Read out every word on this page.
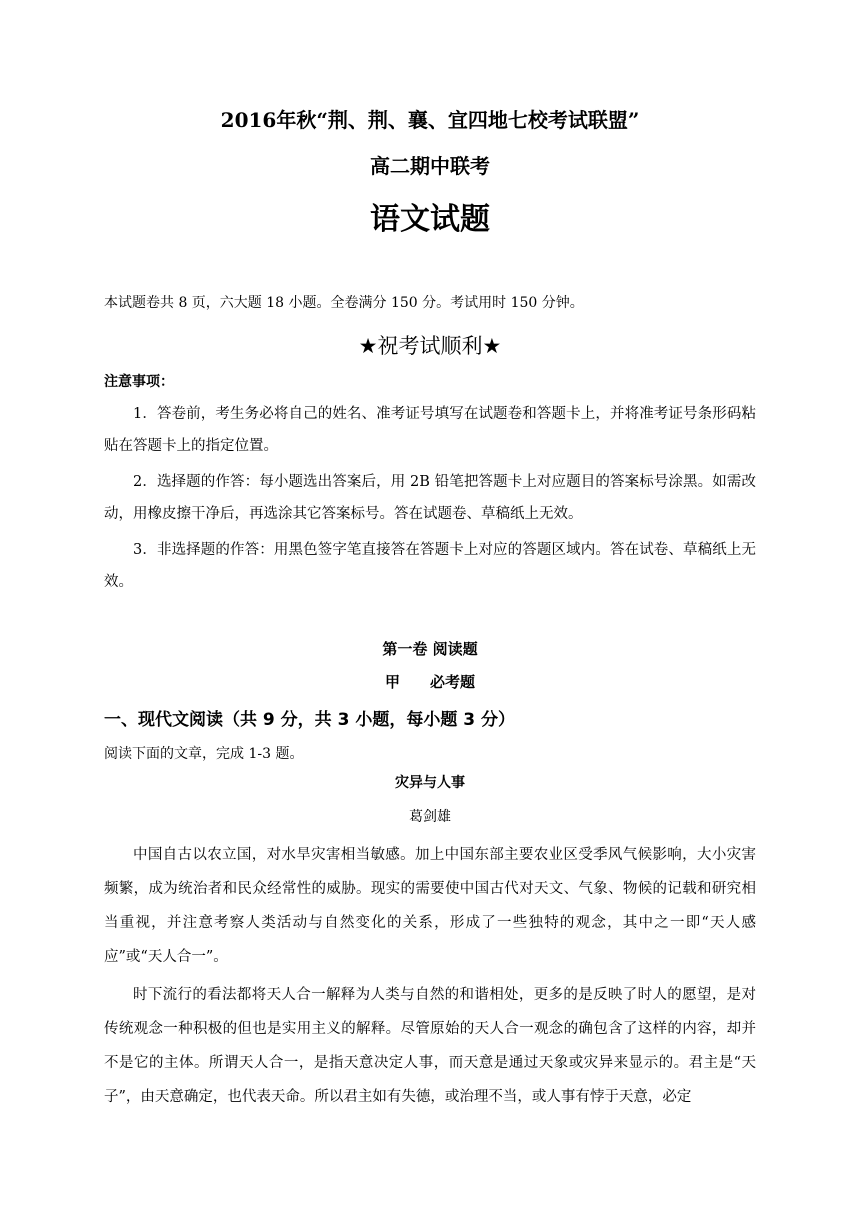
2016年秋“荆、荆、襄、宜四地七校考试联盟”
高二期中联考
语文试题
本试题卷共 8 页，六大题 18 小题。全卷满分 150 分。考试用时 150 分钟。
★祝考试顺利★
注意事项：

1．答卷前，考生务必将自己的姓名、准考证号填写在试题卷和答题卡上，并将准考证号条形码粘贴在答题卡上的指定位置。

2．选择题的作答：每小题选出答案后，用 2B 铅笔把答题卡上对应题目的答案标号涂黑。如需改动，用橡皮擦干净后，再选涂其它答案标号。答在试题卷、草稿纸上无效。

3．非选择题的作答：用黑色签字笔直接答在答题卡上对应的答题区域内。答在试卷、草稿纸上无效。

第一卷 阅读题
甲 必考题
一、现代文阅读（共 9 分，共 3 小题，每小题 3 分）
阅读下面的文章，完成 1-3 题。
灾异与人事
葛剑雄

中国自古以农立国，对水旱灾害相当敏感。加上中国东部主要农业区受季风气候影响，大小灾害频繁，成为统治者和民众经常性的威胁。现实的需要使中国古代对天文、气象、物候的记载和研究相当重视，并注意考察人类活动与自然变化的关系，形成了一些独特的观念，其中之一即“天人感应”或“天人合一”。

时下流行的看法都将天人合一解释为人类与自然的和谐相处，更多的是反映了时人的愿望，是对传统观念一种积极的但也是实用主义的解释。尽管原始的天人合一观念的确包含了这样的内容，却并不是它的主体。所谓天人合一，是指天意决定人事，而天意是通过天象或灾异来显示的。君主是“天子”，由天意确定，也代表天命。所以君主如有失德，或治理不当，或人事有悖于天意，必定
